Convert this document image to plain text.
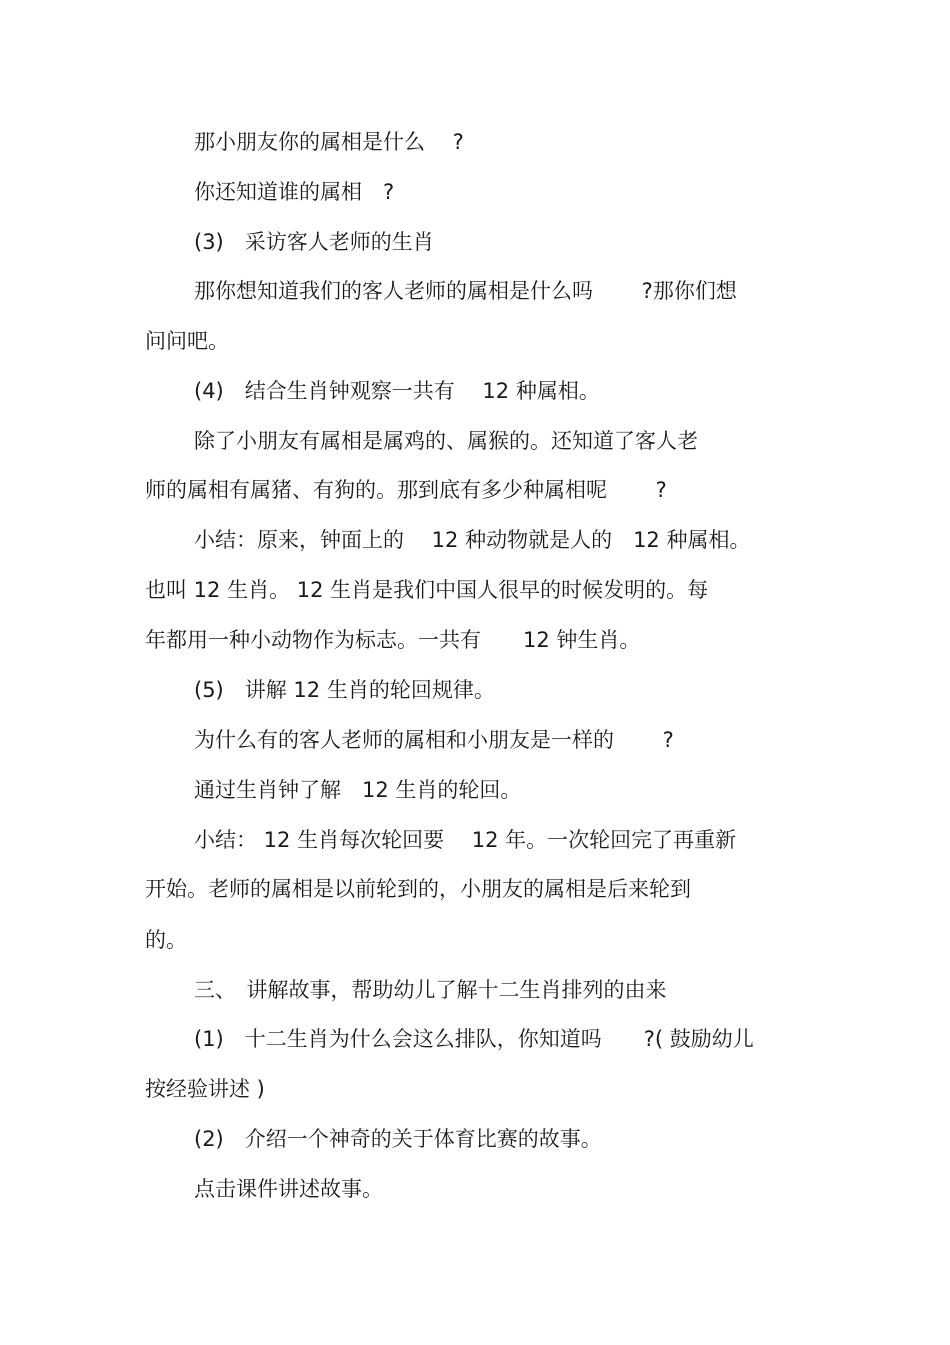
那小朋友你的属相是什么　 ?
你还知道谁的属相　?
(3)　采访客人老师的生肖
那你想知道我们的客人老师的属相是什么吗　　 ?那你们想
问问吧。
(4)　结合生肖钟观察一共有　 12 种属相。
除了小朋友有属相是属鸡的、属猴的。还知道了客人老
师的属相有属猪、有狗的。那到底有多少种属相呢　　 ?
小结：原来，钟面上的　 12 种动物就是人的　12 种属相。
也叫 12 生肖。 12 生肖是我们中国人很早的时候发明的。每
年都用一种小动物作为标志。一共有　　12 钟生肖。
(5)　讲解 12 生肖的轮回规律。
为什么有的客人老师的属相和小朋友是一样的　　 ?
通过生肖钟了解　12 生肖的轮回。
小结： 12 生肖每次轮回要　 12 年。一次轮回完了再重新
开始。老师的属相是以前轮到的，小朋友的属相是后来轮到
的。
三、　讲解故事，帮助幼儿了解十二生肖排列的由来
(1)　十二生肖为什么会这么排队，你知道吗　　?( 鼓励幼儿
按经验讲述 )
(2)　介绍一个神奇的关于体育比赛的故事。
点击课件讲述故事。
